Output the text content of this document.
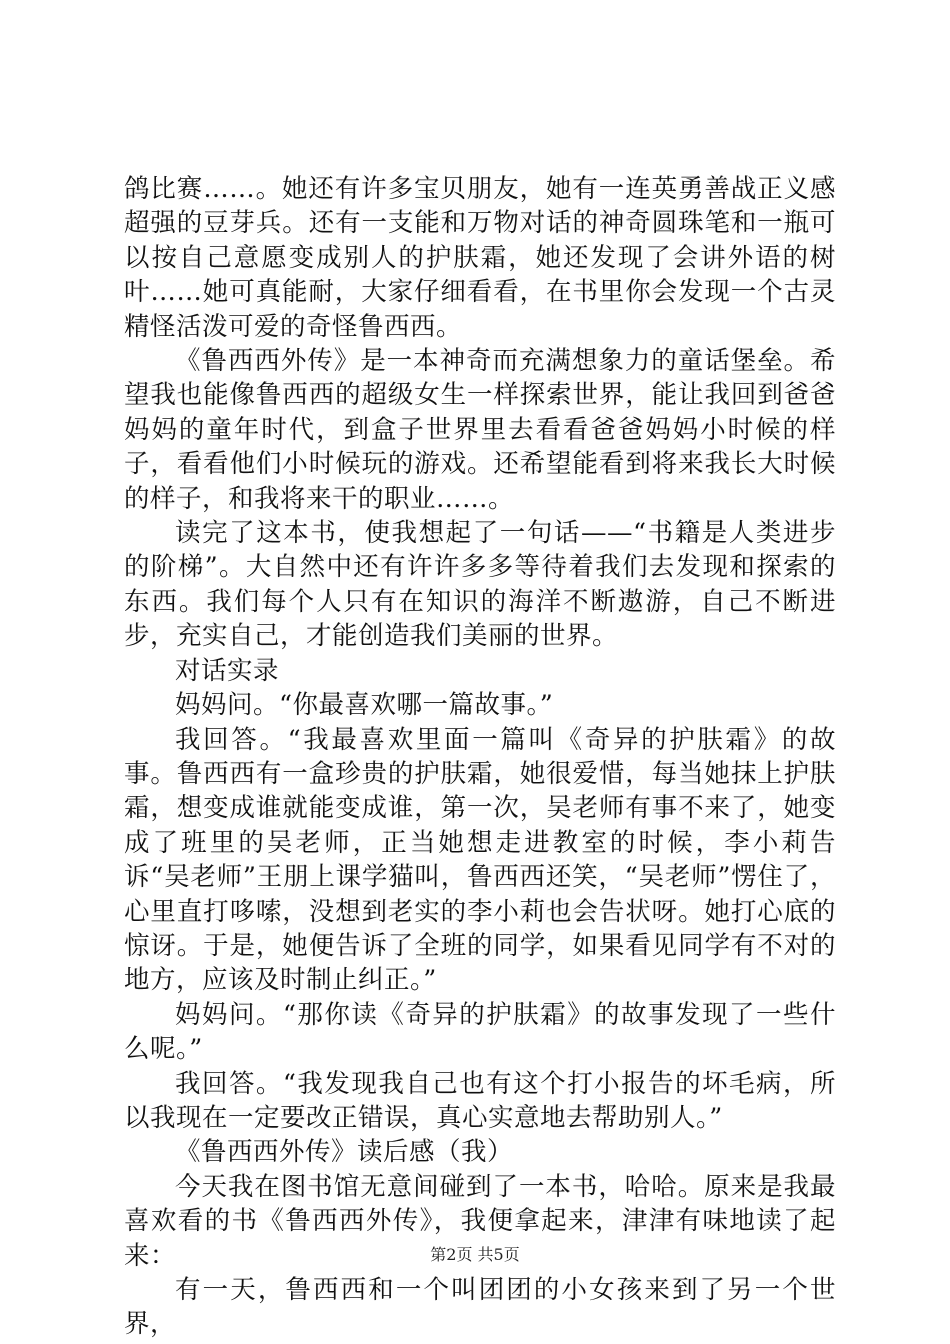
鸽比赛……。她还有许多宝贝朋友，她有一连英勇善战正义感超强的豆芽兵。还有一支能和万物对话的神奇圆珠笔和一瓶可以按自己意愿变成别人的护肤霜，她还发现了会讲外语的树叶……她可真能耐，大家仔细看看，在书里你会发现一个古灵精怪活泼可爱的奇怪鲁西西。

《鲁西西外传》是一本神奇而充满想象力的童话堡垒。希望我也能像鲁西西的超级女生一样探索世界，能让我回到爸爸妈妈的童年时代，到盒子世界里去看看爸爸妈妈小时候的样子，看看他们小时候玩的游戏。还希望能看到将来我长大时候的样子，和我将来干的职业……。

读完了这本书，使我想起了一句话——“书籍是人类进步的阶梯”。大自然中还有许许多多等待着我们去发现和探索的东西。我们每个人只有在知识的海洋不断遨游，自己不断进步，充实自己，才能创造我们美丽的世界。

对话实录

妈妈问。“你最喜欢哪一篇故事。”

我回答。“我最喜欢里面一篇叫《奇异的护肤霜》的故事。鲁西西有一盒珍贵的护肤霜，她很爱惜，每当她抹上护肤霜，想变成谁就能变成谁，第一次，吴老师有事不来了，她变成了班里的吴老师，正当她想走进教室的时候，李小莉告诉“吴老师”王朋上课学猫叫，鲁西西还笑，“吴老师”愣住了，心里直打哆嗦，没想到老实的李小莉也会告状呀。她打心底的惊讶。于是，她便告诉了全班的同学，如果看见同学有不对的地方，应该及时制止纠正。”

妈妈问。“那你读《奇异的护肤霜》的故事发现了一些什么呢。”

我回答。“我发现我自己也有这个打小报告的坏毛病，所以我现在一定要改正错误，真心实意地去帮助别人。”

《鲁西西外传》读后感（我）

今天我在图书馆无意间碰到了一本书，哈哈。原来是我最喜欢看的书《鲁西西外传》，我便拿起来，津津有味地读了起来：

有一天，鲁西西和一个叫团团的小女孩来到了另一个世界，

第2页 共5页
